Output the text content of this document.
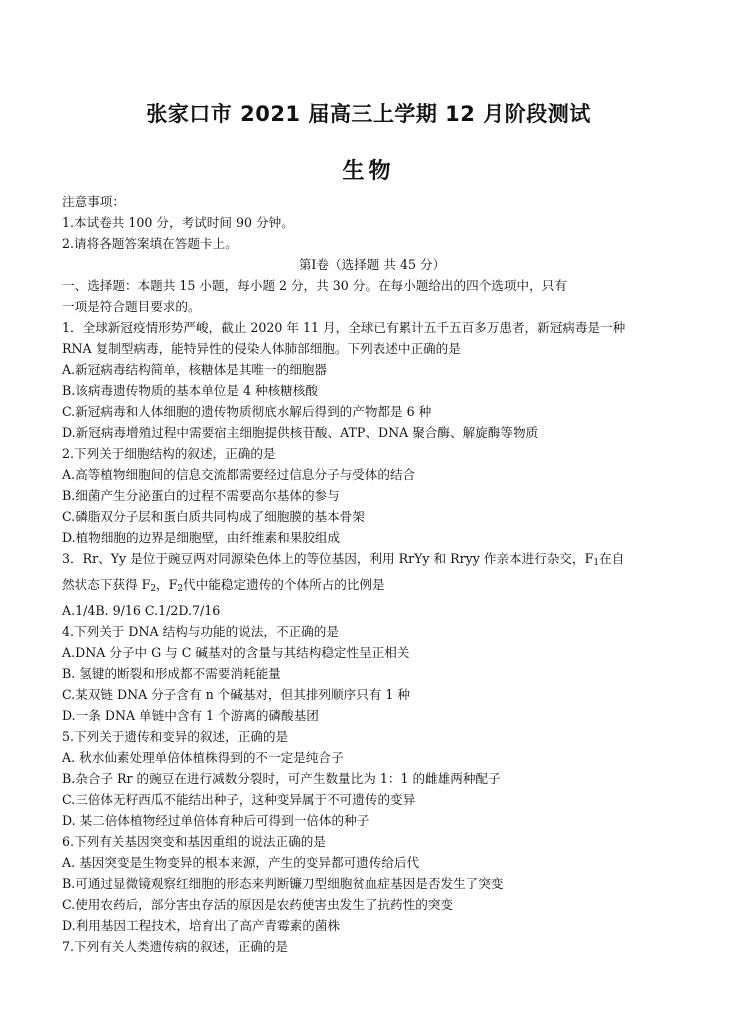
张家口市 2021 届高三上学期 12 月阶段测试
生物
注意事项：
1.本试卷共 100 分，考试时间 90 分钟。
2.请将各题答案填在答题卡上。
第Ⅰ卷（选择题 共 45 分）
一、选择题：本题共 15 小题，每小题 2 分，共 30 分。在每小题给出的四个选项中，只有
一项是符合题目要求的。
1．全球新冠疫情形势严峻，截止 2020 年 11 月，全球已有累计五千五百多万患者，新冠病毒是一种
RNA 复制型病毒，能特异性的侵染人体肺部细胞。下列表述中正确的是
A.新冠病毒结构简单，核糖体是其唯一的细胞器
B.该病毒遗传物质的基本单位是 4 种核糖核酸
C.新冠病毒和人体细胞的遗传物质彻底水解后得到的产物都是 6 种
D.新冠病毒增殖过程中需要宿主细胞提供核苷酸、ATP、DNA 聚合酶、解旋酶等物质
2.下列关于细胞结构的叙述，正确的是
A.高等植物细胞间的信息交流都需要经过信息分子与受体的结合
B.细菌产生分泌蛋白的过程不需要高尔基体的参与
C.磷脂双分子层和蛋白质共同构成了细胞膜的基本骨架
D.植物细胞的边界是细胞壁，由纤维素和果胶组成
3．Rr、Yy 是位于豌豆两对同源染色体上的等位基因，利用 RrYy 和 Rryy 作亲本进行杂交，$F_1$在自
然状态下获得 $F_2$，$F_2$代中能稳定遗传的个体所占的比例是
A.1/4B. 9/16 C.1/2D.7/16
4.下列关于 DNA 结构与功能的说法，不正确的是
A.DNA 分子中 G 与 C 碱基对的含量与其结构稳定性呈正相关
B. 氢键的断裂和形成都不需要消耗能量
C.某双链 DNA 分子含有 n 个碱基对，但其排列顺序只有 1 种
D.一条 DNA 单链中含有 1 个游离的磷酸基团
5.下列关于遗传和变异的叙述，正确的是
A. 秋水仙素处理单倍体植株得到的不一定是纯合子
B.杂合子 Rr 的豌豆在进行减数分裂时，可产生数量比为 1：1 的雌雄两种配子
C.三倍体无籽西瓜不能结出种子，这种变异属于不可遗传的变异
D. 某二倍体植物经过单倍体育种后可得到一倍体的种子
6.下列有关基因突变和基因重组的说法正确的是
A. 基因突变是生物变异的根本来源，产生的变异都可遗传给后代
B.可通过显微镜观察红细胞的形态来判断镰刀型细胞贫血症基因是否发生了突变
C.使用农药后，部分害虫存活的原因是农药使害虫发生了抗药性的突变
D.利用基因工程技术，培育出了高产青霉素的菌株
7.下列有关人类遗传病的叙述，正确的是
